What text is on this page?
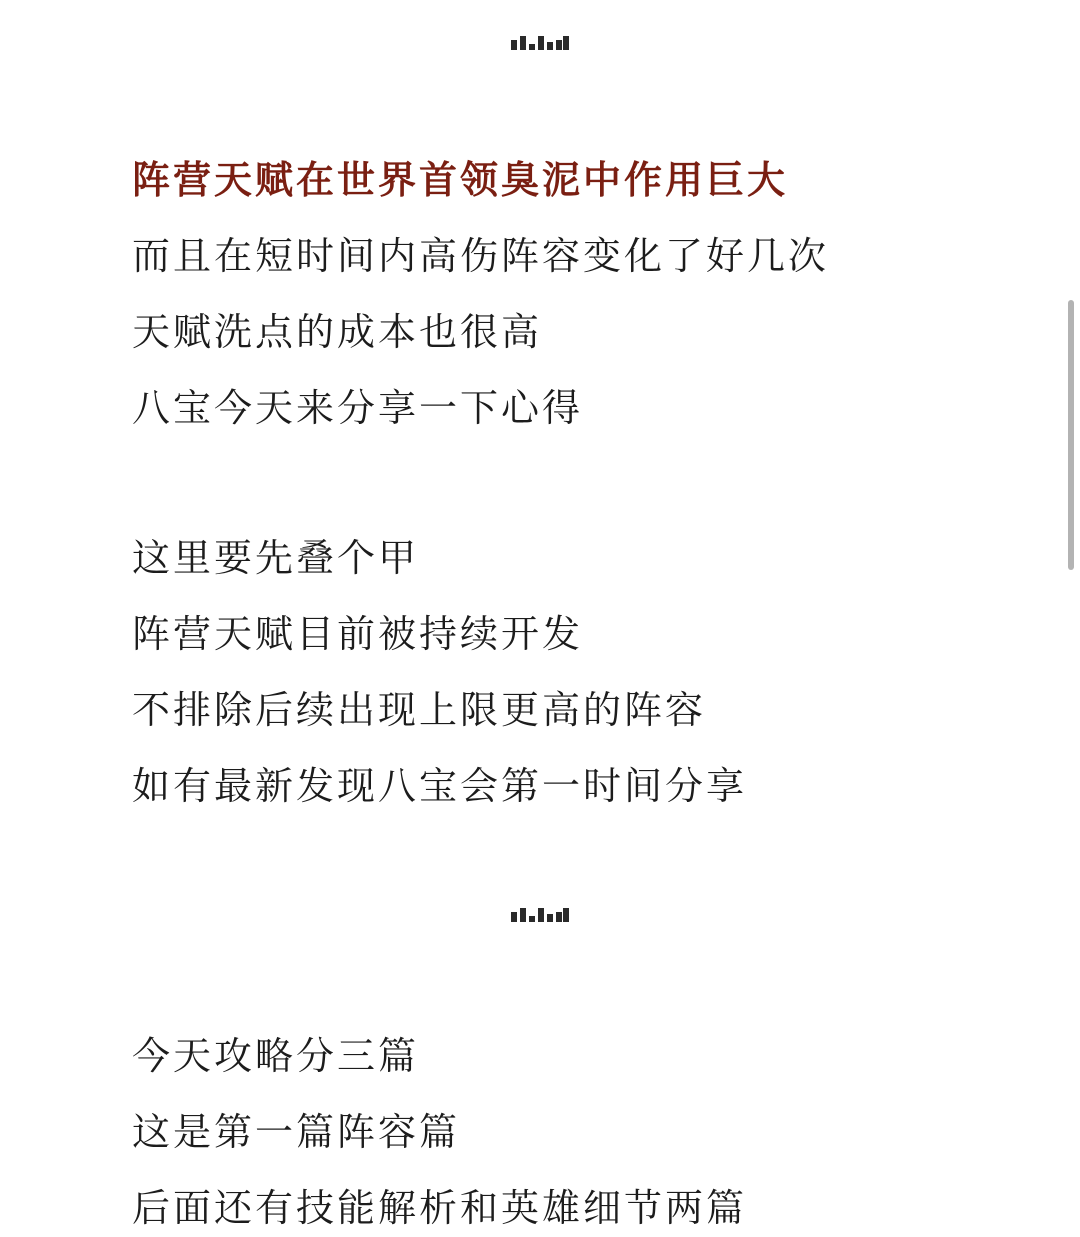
阵营天赋在世界首领臭泥中作用巨大
而且在短时间内高伤阵容变化了好几次
天赋洗点的成本也很高
八宝今天来分享一下心得
这里要先叠个甲
阵营天赋目前被持续开发
不排除后续出现上限更高的阵容
如有最新发现八宝会第一时间分享
今天攻略分三篇
这是第一篇阵容篇
后面还有技能解析和英雄细节两篇
